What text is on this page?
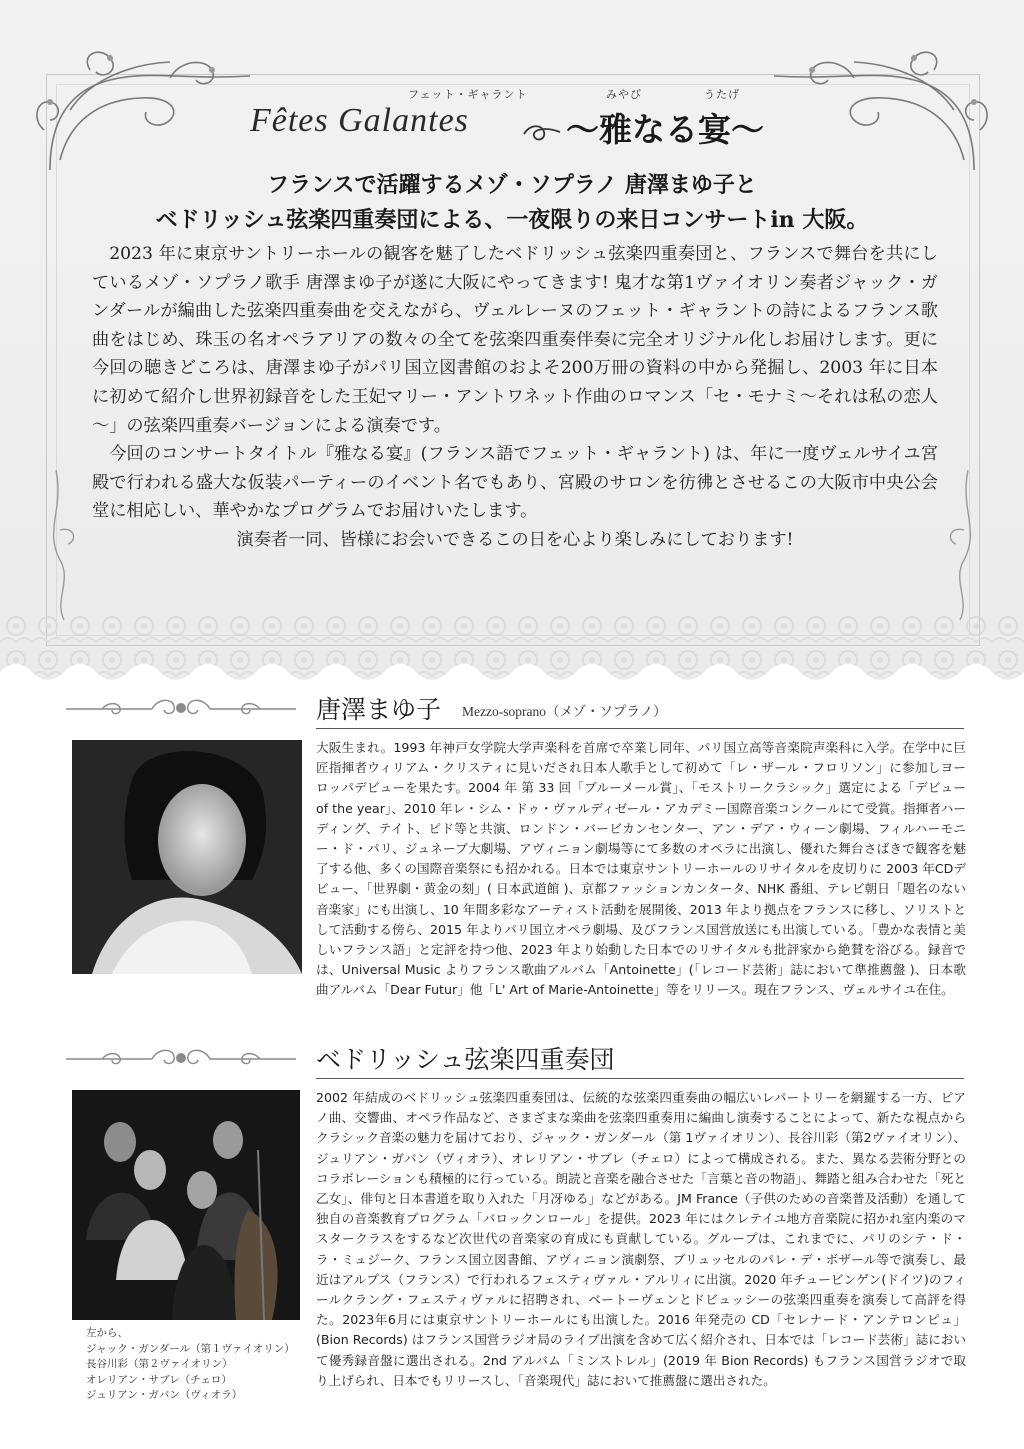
フェット・ギャラント
Fêtes Galantes
みやび	うたげ
～雅なる宴～
フランスで活躍するメゾ・ソプラノ 唐澤まゆ子と
ベドリッシュ弦楽四重奏団による、一夜限りの来日コンサートin 大阪。

2023 年に東京サントリーホールの観客を魅了したベドリッシュ弦楽四重奏団と、フランスで舞台を共にしているメゾ・ソプラノ歌手 唐澤まゆ子が遂に大阪にやってきます! 鬼才な第1ヴァイオリン奏者ジャック・ガンダールが編曲した弦楽四重奏曲を交えながら、ヴェルレーヌのフェット・ギャラントの詩によるフランス歌曲をはじめ、珠玉の名オペラアリアの数々の全てを弦楽四重奏伴奏に完全オリジナル化しお届けします。更に今回の聴きどころは、唐澤まゆ子がパリ国立図書館のおよそ200万冊の資料の中から発掘し、2003 年に日本に初めて紹介し世界初録音をした王妃マリー・アントワネット作曲のロマンス「セ・モナミ～それは私の恋人～」の弦楽四重奏バージョンによる演奏です。

今回のコンサートタイトル『雅なる宴』(フランス語でフェット・ギャラント) は、年に一度ヴェルサイユ宮殿で行われる盛大な仮装パーティーのイベント名でもあり、宮殿のサロンを彷彿とさせるこの大阪市中央公会堂に相応しい、華やかなプログラムでお届けいたします。

演奏者一同、皆様にお会いできるこの日を心より楽しみにしております!

唐澤まゆ子 Mezzo-soprano（メゾ・ソプラノ）

大阪生まれ。1993 年神戸女学院大学声楽科を首席で卒業し同年、パリ国立高等音楽院声楽科に入学。在学中に巨匠指揮者ウィリアム・クリスティに見いだされ日本人歌手として初めて「レ・ザール・フロリソン」に参加しヨーロッパデビューを果たす。2004 年 第 33 回「ブルーメール賞」、「モストリークラシック」選定による「デビュー of the year」、2010 年レ・シム・ドゥ・ヴァルディゼール・アカデミー国際音楽コンクールにて受賞。指揮者ハーディング、テイト、ピド等と共演、ロンドン・バービカンセンター、アン・デア・ウィーン劇場、フィルハーモニー・ド・パリ、ジュネーブ大劇場、アヴィニョン劇場等にて多数のオペラに出演し、優れた舞台さばきで観客を魅了する他、多くの国際音楽祭にも招かれる。日本では東京サントリーホールのリサイタルを皮切りに 2003 年CDデビュー、「世界劇・黄金の刻」( 日本武道館 )、京都ファッションカンタータ、NHK 番組、テレビ朝日「題名のない音楽家」にも出演し、10 年間多彩なアーティスト活動を展開後、2013 年より拠点をフランスに移し、ソリストとして活動する傍ら、2015 年よりパリ国立オペラ劇場、及びフランス国営放送にも出演している。「豊かな表情と美しいフランス語」と定評を持つ他、2023 年より始動した日本でのリサイタルも批評家から絶賛を浴びる。録音では、Universal Music よりフランス歌曲アルバム「Antoinette」(「レコード芸術」誌において準推薦盤 )、日本歌曲アルバム「Dear Futur」他「L' Art of Marie-Antoinette」等をリリース。現在フランス、ヴェルサイユ在住。

ベドリッシュ弦楽四重奏団

2002 年結成のベドリッシュ弦楽四重奏団は、伝統的な弦楽四重奏曲の幅広いレパートリーを網羅する一方、ピアノ曲、交響曲、オペラ作品など、さまざまな楽曲を弦楽四重奏用に編曲し演奏することによって、新たな視点からクラシック音楽の魅力を届けており、ジャック・ガンダール（第 1ヴァイオリン）、長谷川彩（第2ヴァイオリン）、ジュリアン・ガバン（ヴィオラ）、オレリアン・サブレ（チェロ）によって構成される。また、異なる芸術分野とのコラボレーションも積極的に行っている。朗読と音楽を融合させた「言葉と音の物語」、舞踏と組み合わせた「死と乙女」、俳句と日本書道を取り入れた「月冴ゆる」などがある。JM France（子供のための音楽普及活動）を通して独自の音楽教育プログラム「バロックンロール」を提供。2023 年にはクレテイユ地方音楽院に招かれ室内楽のマスタークラスをするなど次世代の音楽家の育成にも貢献している。グループは、これまでに、パリのシテ・ド・ラ・ミュジーク、フランス国立図書館、アヴィニョン演劇祭、ブリュッセルのパレ・デ・ボザール等で演奏し、最近はアルプス（フランス）で行われるフェスティヴァル・アルリィに出演。2020 年チュービンゲン(ドイツ)のフィールクラング・フェスティヴァルに招聘され、ベートーヴェンとドビュッシーの弦楽四重奏を演奏して高評を得た。2023年6月には東京サントリーホールにも出演した。2016 年発売の CD「セレナード・アンテロンピュ」(Bion Records) はフランス国営ラジオ局のライブ出演を含めて広く紹介され、日本では「レコード芸術」誌において優秀録音盤に選出される。2nd アルバム「ミンストレル」(2019 年 Bion Records) もフランス国営ラジオで取り上げられ、日本でもリリースし、「音楽現代」誌において推薦盤に選出された。

左から、
ジャック・ガンダール（第１ヴァイオリン）
長谷川彩（第２ヴァイオリン）
オレリアン・サブレ（チェロ）
ジュリアン・ガバン（ヴィオラ）
